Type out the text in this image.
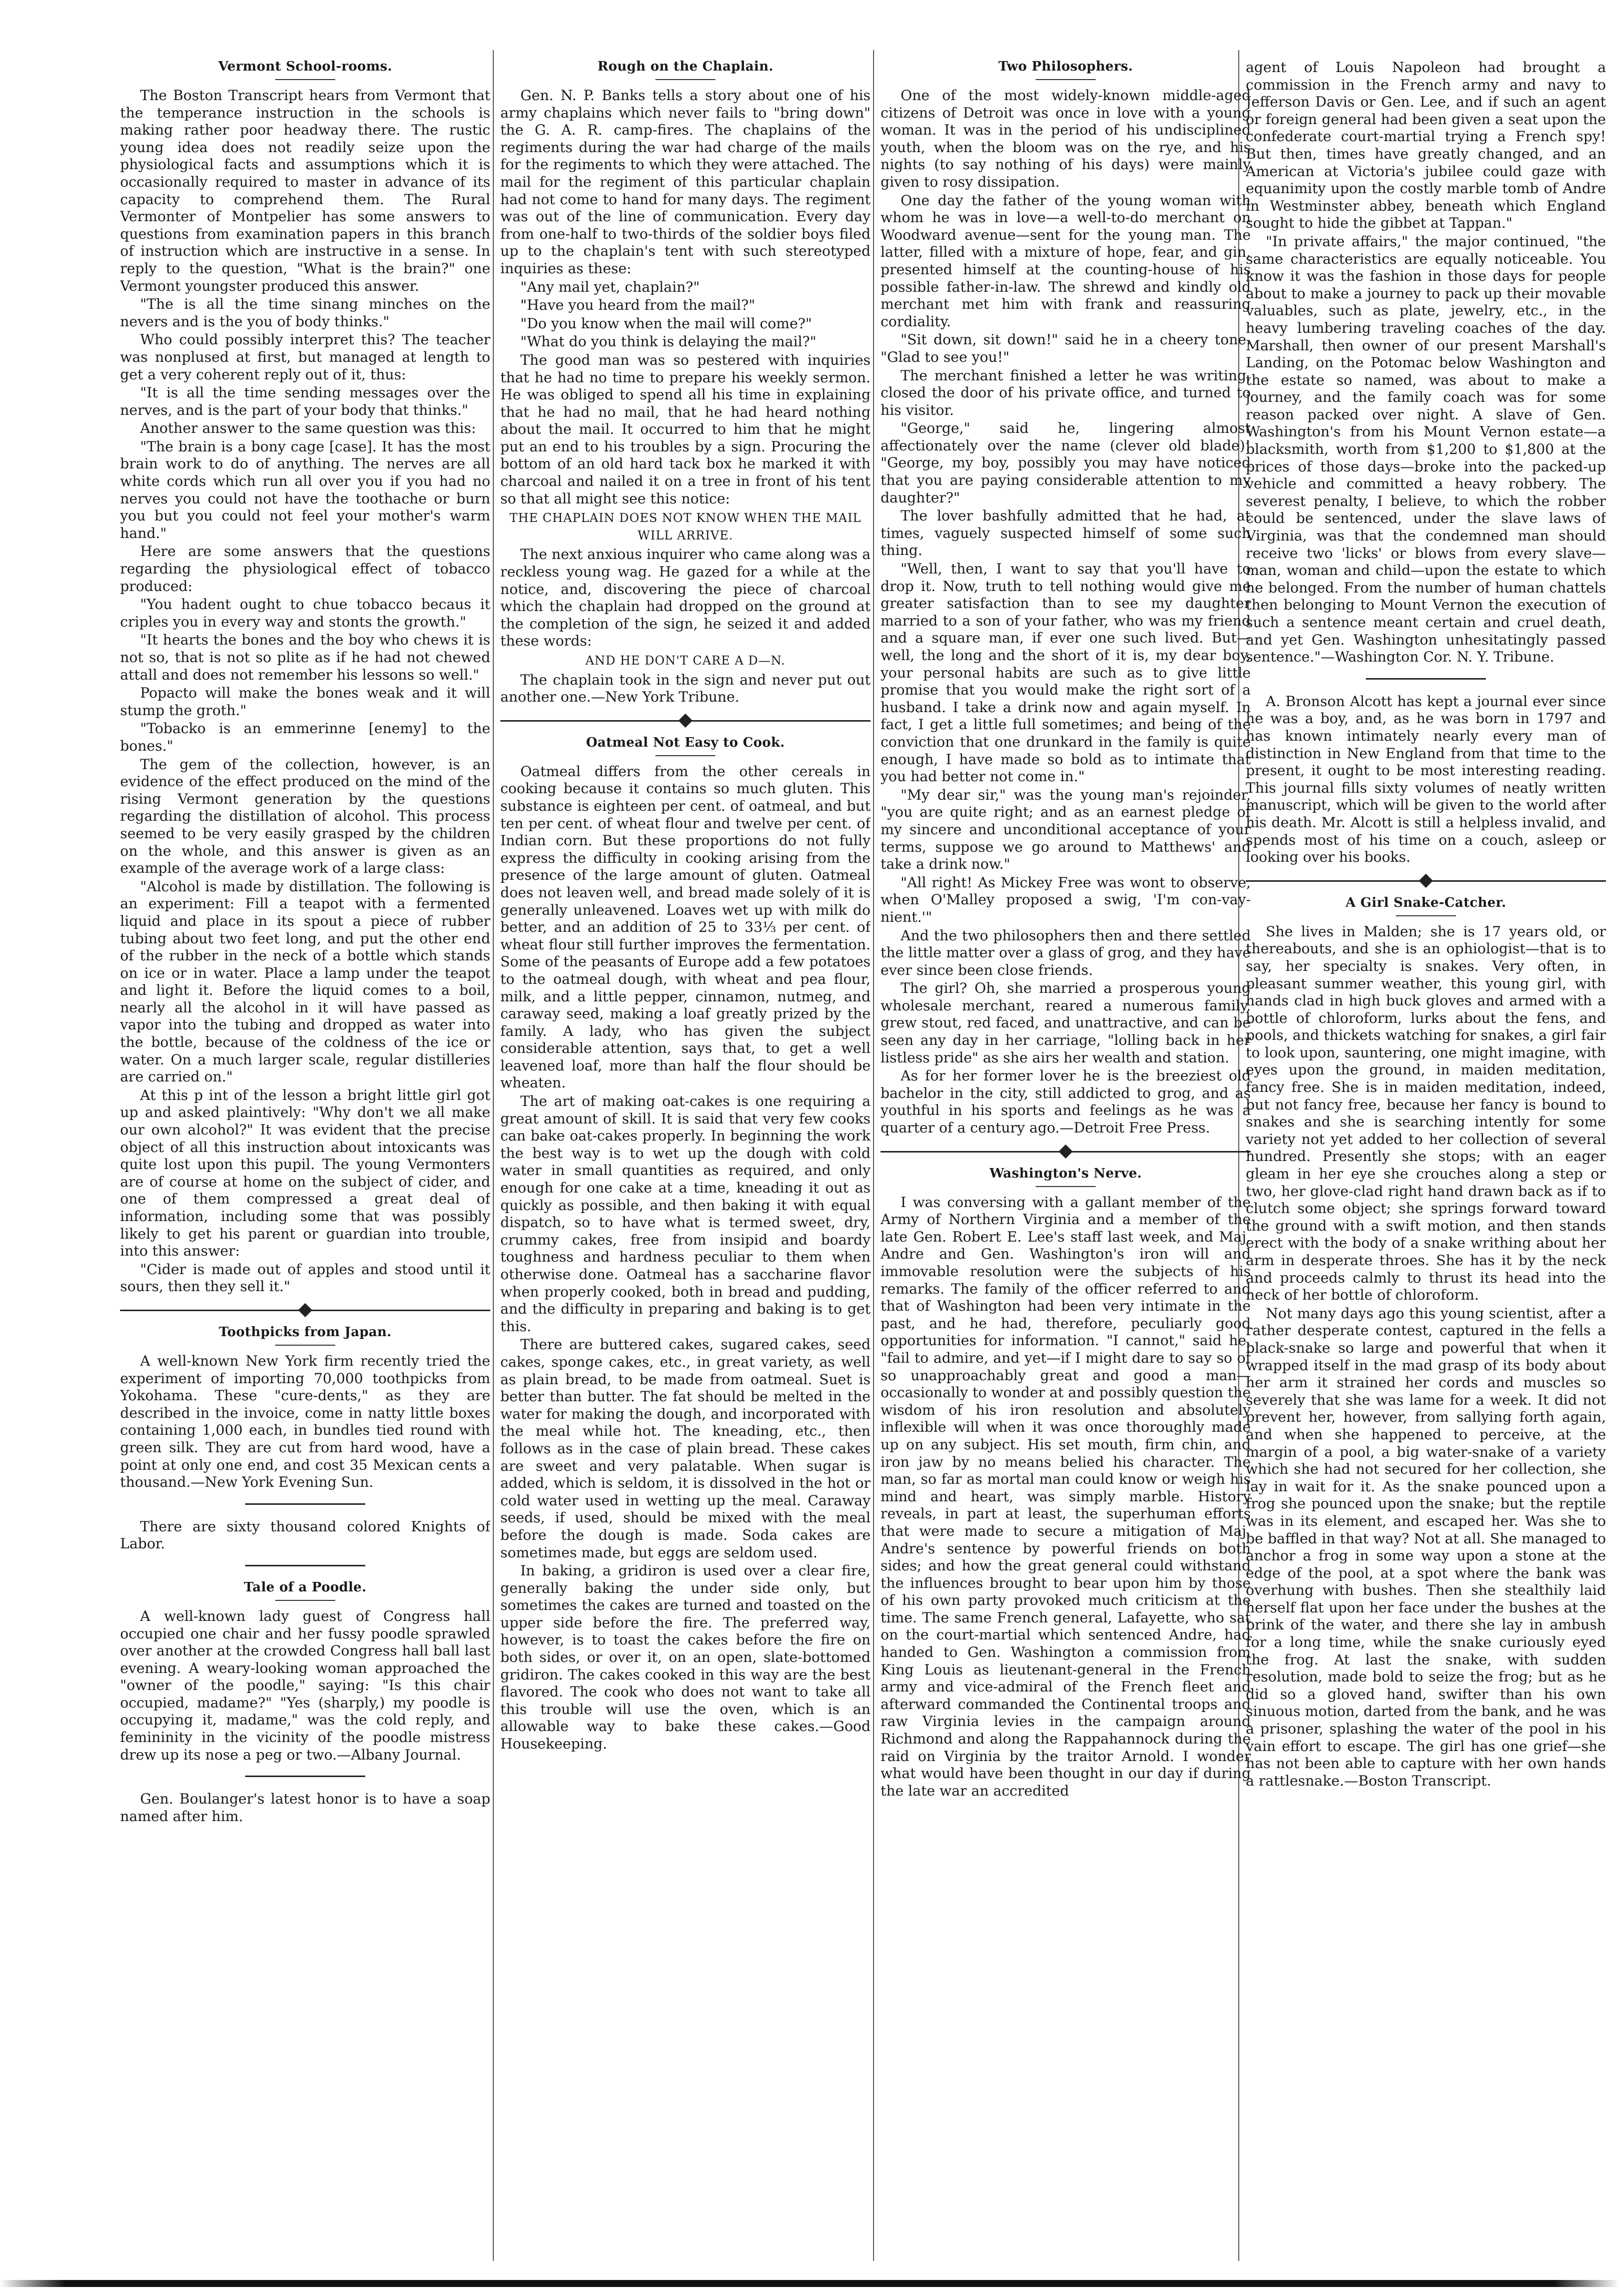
Vermont School-rooms.

The Boston Transcript hears from Vermont that the temperance instruction in the schools is making rather poor headway there. The rustic young idea does not readily seize upon the physiological facts and assumptions which it is occasionally required to master in advance of its capacity to comprehend them. The Rural Vermonter of Montpelier has some answers to questions from examination papers in this branch of instruction which are instructive in a sense. In reply to the question, "What is the brain?" one Vermont youngster produced this answer.

"The is all the time sinang minches on the nevers and is the you of body thinks."

Who could possibly interpret this? The teacher was nonplused at first, but managed at length to get a very coherent reply out of it, thus:

"It is all the time sending messages over the nerves, and is the part of your body that thinks."

Another answer to the same question was this:

"The brain is a bony cage [case]. It has the most brain work to do of anything. The nerves are all white cords which run all over you if you had no nerves you could not have the toothache or burn you but you could not feel your mother's warm hand."

Here are some answers that the questions regarding the physiological effect of tobacco produced:

"You hadent ought to chue tobacco becaus it criples you in every way and stonts the growth."

"It hearts the bones and the boy who chews it is not so, that is not so plite as if he had not chewed attall and does not remember his lessons so well."

Popacto will make the bones weak and it will stump the groth."

"Tobacko is an emmerinne [enemy] to the bones."

The gem of the collection, however, is an evidence of the effect produced on the mind of the rising Vermont generation by the questions regarding the distillation of alcohol. This process seemed to be very easily grasped by the children on the whole, and this answer is given as an example of the average work of a large class:

"Alcohol is made by distillation. The following is an experiment: Fill a teapot with a fermented liquid and place in its spout a piece of rubber tubing about two feet long, and put the other end of the rubber in the neck of a bottle which stands on ice or in water. Place a lamp under the teapot and light it. Before the liquid comes to a boil, nearly all the alcohol in it will have passed as vapor into the tubing and dropped as water into the bottle, because of the coldness of the ice or water. On a much larger scale, regular distilleries are carried on."

At this p int of the lesson a bright little girl got up and asked plaintively: "Why don't we all make our own alcohol?" It was evident that the precise object of all this instruction about intoxicants was quite lost upon this pupil. The young Vermonters are of course at home on the subject of cider, and one of them compressed a great deal of information, including some that was possibly likely to get his parent or guardian into trouble, into this answer:

"Cider is made out of apples and stood until it sours, then they sell it."

Toothpicks from Japan.

A well-known New York firm recently tried the experiment of importing 70,000 toothpicks from Yokohama. These "cure-dents," as they are described in the invoice, come in natty little boxes containing 1,000 each, in bundles tied round with green silk. They are cut from hard wood, have a point at only one end, and cost 35 Mexican cents a thousand.—New York Evening Sun.

There are sixty thousand colored Knights of Labor.

Tale of a Poodle.

A well-known lady guest of Congress hall occupied one chair and her fussy poodle sprawled over another at the crowded Congress hall ball last evening. A weary-looking woman approached the "owner of the poodle," saying: "Is this chair occupied, madame?" "Yes (sharply,) my poodle is occupying it, madame," was the cold reply, and femininity in the vicinity of the poodle mistress drew up its nose a peg or two.—Albany Journal.

Gen. Boulanger's latest honor is to have a soap named after him.

Rough on the Chaplain.

Gen. N. P. Banks tells a story about one of his army chaplains which never fails to "bring down" the G. A. R. camp-fires. The chaplains of the regiments during the war had charge of the mails for the regiments to which they were attached. The mail for the regiment of this particular chaplain had not come to hand for many days. The regiment was out of the line of communication. Every day from one-half to two-thirds of the soldier boys filed up to the chaplain's tent with such stereotyped inquiries as these:

"Any mail yet, chaplain?"

"Have you heard from the mail?"

"Do you know when the mail will come?"

"What do you think is delaying the mail?"

The good man was so pestered with inquiries that he had no time to prepare his weekly sermon. He was obliged to spend all his time in explaining that he had no mail, that he had heard nothing about the mail. It occurred to him that he might put an end to his troubles by a sign. Procuring the bottom of an old hard tack box he marked it with charcoal and nailed it on a tree in front of his tent so that all might see this notice:

THE CHAPLAIN DOES NOT KNOW WHEN THE MAIL WILL ARRIVE.

The next anxious inquirer who came along was a reckless young wag. He gazed for a while at the notice, and, discovering the piece of charcoal which the chaplain had dropped on the ground at the completion of the sign, he seized it and added these words:

AND HE DON'T CARE A D—N.

The chaplain took in the sign and never put out another one.—New York Tribune.

Oatmeal Not Easy to Cook.

Oatmeal differs from the other cereals in cooking because it contains so much gluten. This substance is eighteen per cent. of oatmeal, and but ten per cent. of wheat flour and twelve per cent. of Indian corn. But these proportions do not fully express the difficulty in cooking arising from the presence of the large amount of gluten. Oatmeal does not leaven well, and bread made solely of it is generally unleavened. Loaves wet up with milk do better, and an addition of 25 to 33⅓ per cent. of wheat flour still further improves the fermentation. Some of the peasants of Europe add a few potatoes to the oatmeal dough, with wheat and pea flour, milk, and a little pepper, cinnamon, nutmeg, and caraway seed, making a loaf greatly prized by the family. A lady, who has given the subject considerable attention, says that, to get a well leavened loaf, more than half the flour should be wheaten.

The art of making oat-cakes is one requiring a great amount of skill. It is said that very few cooks can bake oat-cakes properly. In beginning the work the best way is to wet up the dough with cold water in small quantities as required, and only enough for one cake at a time, kneading it out as quickly as possible, and then baking it with equal dispatch, so to have what is termed sweet, dry, crummy cakes, free from insipid and boardy toughness and hardness peculiar to them when otherwise done. Oatmeal has a saccharine flavor when properly cooked, both in bread and pudding, and the difficulty in preparing and baking is to get this.

There are buttered cakes, sugared cakes, seed cakes, sponge cakes, etc., in great variety, as well as plain bread, to be made from oatmeal. Suet is better than butter. The fat should be melted in the water for making the dough, and incorporated with the meal while hot. The kneading, etc., then follows as in the case of plain bread. These cakes are sweet and very palatable. When sugar is added, which is seldom, it is dissolved in the hot or cold water used in wetting up the meal. Caraway seeds, if used, should be mixed with the meal before the dough is made. Soda cakes are sometimes made, but eggs are seldom used.

In baking, a gridiron is used over a clear fire, generally baking the under side only, but sometimes the cakes are turned and toasted on the upper side before the fire. The preferred way, however, is to toast the cakes before the fire on both sides, or over it, on an open, slate-bottomed gridiron. The cakes cooked in this way are the best flavored. The cook who does not want to take all this trouble will use the oven, which is an allowable way to bake these cakes.—Good Housekeeping.

Two Philosophers.

One of the most widely-known middle-aged citizens of Detroit was once in love with a young woman. It was in the period of his undisciplined youth, when the bloom was on the rye, and his nights (to say nothing of his days) were mainly given to rosy dissipation.

One day the father of the young woman with whom he was in love—a well-to-do merchant on Woodward avenue—sent for the young man. The latter, filled with a mixture of hope, fear, and gin, presented himself at the counting-house of his possible father-in-law. The shrewd and kindly old merchant met him with frank and reassuring cordiality.

"Sit down, sit down!" said he in a cheery tone. "Glad to see you!"

The merchant finished a letter he was writing, closed the door of his private office, and turned to his visitor.

"George," said he, lingering almost affectionately over the name (clever old blade)! "George, my boy, possibly you may have noticed that you are paying considerable attention to my daughter?"

The lover bashfully admitted that he had, at times, vaguely suspected himself of some such thing.

"Well, then, I want to say that you'll have to drop it. Now, truth to tell nothing would give me greater satisfaction than to see my daughter married to a son of your father, who was my friend and a square man, if ever one such lived. But—well, the long and the short of it is, my dear boy, your personal habits are such as to give little promise that you would make the right sort of a husband. I take a drink now and again myself. In fact, I get a little full sometimes; and being of the conviction that one drunkard in the family is quite enough, I have made so bold as to intimate that you had better not come in."

"My dear sir," was the young man's rejoinder, "you are quite right; and as an earnest pledge of my sincere and unconditional acceptance of your terms, suppose we go around to Matthews' and take a drink now."

"All right! As Mickey Free was wont to observe, when O'Malley proposed a swig, 'I'm con-vay-nient.'"

And the two philosophers then and there settled the little matter over a glass of grog, and they have ever since been close friends.

The girl? Oh, she married a prosperous young wholesale merchant, reared a numerous family, grew stout, red faced, and unattractive, and can be seen any day in her carriage, "lolling back in her listless pride" as she airs her wealth and station.

As for her former lover he is the breeziest old bachelor in the city, still addicted to grog, and as youthful in his sports and feelings as he was a quarter of a century ago.—Detroit Free Press.

Washington's Nerve.

I was conversing with a gallant member of the Army of Northern Virginia and a member of the late Gen. Robert E. Lee's staff last week, and Maj. Andre and Gen. Washington's iron will and immovable resolution were the subjects of his remarks. The family of the officer referred to and that of Washington had been very intimate in the past, and he had, therefore, peculiarly good opportunities for information. "I cannot," said he, "fail to admire, and yet—if I might dare to say so of so unapproachably great and good a man—occasionally to wonder at and possibly question the wisdom of his iron resolution and absolutely inflexible will when it was once thoroughly made up on any subject. His set mouth, firm chin, and iron jaw by no means belied his character. The man, so far as mortal man could know or weigh his mind and heart, was simply marble. History reveals, in part at least, the superhuman efforts that were made to secure a mitigation of Maj. Andre's sentence by powerful friends on both sides; and how the great general could withstand the influences brought to bear upon him by those of his own party provoked much criticism at the time. The same French general, Lafayette, who sat on the court-martial which sentenced Andre, had handed to Gen. Washington a commission from King Louis as lieutenant-general in the French army and vice-admiral of the French fleet and afterward commanded the Continental troops and raw Virginia levies in the campaign around Richmond and along the Rappahannock during the raid on Virginia by the traitor Arnold. I wonder what would have been thought in our day if during the late war an accredited

agent of Louis Napoleon had brought a commission in the French army and navy to Jefferson Davis or Gen. Lee, and if such an agent or foreign general had been given a seat upon the confederate court-martial trying a French spy! But then, times have greatly changed, and an American at Victoria's jubilee could gaze with equanimity upon the costly marble tomb of Andre in Westminster abbey, beneath which England sought to hide the gibbet at Tappan."

"In private affairs," the major continued, "the same characteristics are equally noticeable. You know it was the fashion in those days for people about to make a journey to pack up their movable valuables, such as plate, jewelry, etc., in the heavy lumbering traveling coaches of the day. Marshall, then owner of our present Marshall's Landing, on the Potomac below Washington and the estate so named, was about to make a journey, and the family coach was for some reason packed over night. A slave of Gen. Washington's from his Mount Vernon estate—a blacksmith, worth from $1,200 to $1,800 at the prices of those days—broke into the packed-up vehicle and committed a heavy robbery. The severest penalty, I believe, to which the robber could be sentenced, under the slave laws of Virginia, was that the condemned man should receive two 'licks' or blows from every slave—man, woman and child—upon the estate to which he belonged. From the number of human chattels then belonging to Mount Vernon the execution of such a sentence meant certain and cruel death, and yet Gen. Washington unhesitatingly passed sentence."—Washington Cor. N. Y. Tribune.

A. Bronson Alcott has kept a journal ever since he was a boy, and, as he was born in 1797 and has known intimately nearly every man of distinction in New England from that time to the present, it ought to be most interesting reading. This journal fills sixty volumes of neatly written manuscript, which will be given to the world after his death. Mr. Alcott is still a helpless invalid, and spends most of his time on a couch, asleep or looking over his books.

A Girl Snake-Catcher.

She lives in Malden; she is 17 years old, or thereabouts, and she is an ophiologist—that is to say, her specialty is snakes. Very often, in pleasant summer weather, this young girl, with hands clad in high buck gloves and armed with a bottle of chloroform, lurks about the fens, and pools, and thickets watching for snakes, a girl fair to look upon, sauntering, one might imagine, with eyes upon the ground, in maiden meditation, fancy free. She is in maiden meditation, indeed, but not fancy free, because her fancy is bound to snakes and she is searching intently for some variety not yet added to her collection of several hundred. Presently she stops; with an eager gleam in her eye she crouches along a step or two, her glove-clad right hand drawn back as if to clutch some object; she springs forward toward the ground with a swift motion, and then stands erect with the body of a snake writhing about her arm in desperate throes. She has it by the neck and proceeds calmly to thrust its head into the neck of her bottle of chloroform.

Not many days ago this young scientist, after a rather desperate contest, captured in the fells a black-snake so large and powerful that when it wrapped itself in the mad grasp of its body about her arm it strained her cords and muscles so severely that she was lame for a week. It did not prevent her, however, from sallying forth again, and when she happened to perceive, at the margin of a pool, a big water-snake of a variety which she had not secured for her collection, she lay in wait for it. As the snake pounced upon a frog she pounced upon the snake; but the reptile was in its element, and escaped her. Was she to be baffled in that way? Not at all. She managed to anchor a frog in some way upon a stone at the edge of the pool, at a spot where the bank was overhung with bushes. Then she stealthily laid herself flat upon her face under the bushes at the brink of the water, and there she lay in ambush for a long time, while the snake curiously eyed the frog. At last the snake, with sudden resolution, made bold to seize the frog; but as he did so a gloved hand, swifter than his own sinuous motion, darted from the bank, and he was a prisoner, splashing the water of the pool in his vain effort to escape. The girl has one grief—she has not been able to capture with her own hands a rattlesnake.—Boston Transcript.
